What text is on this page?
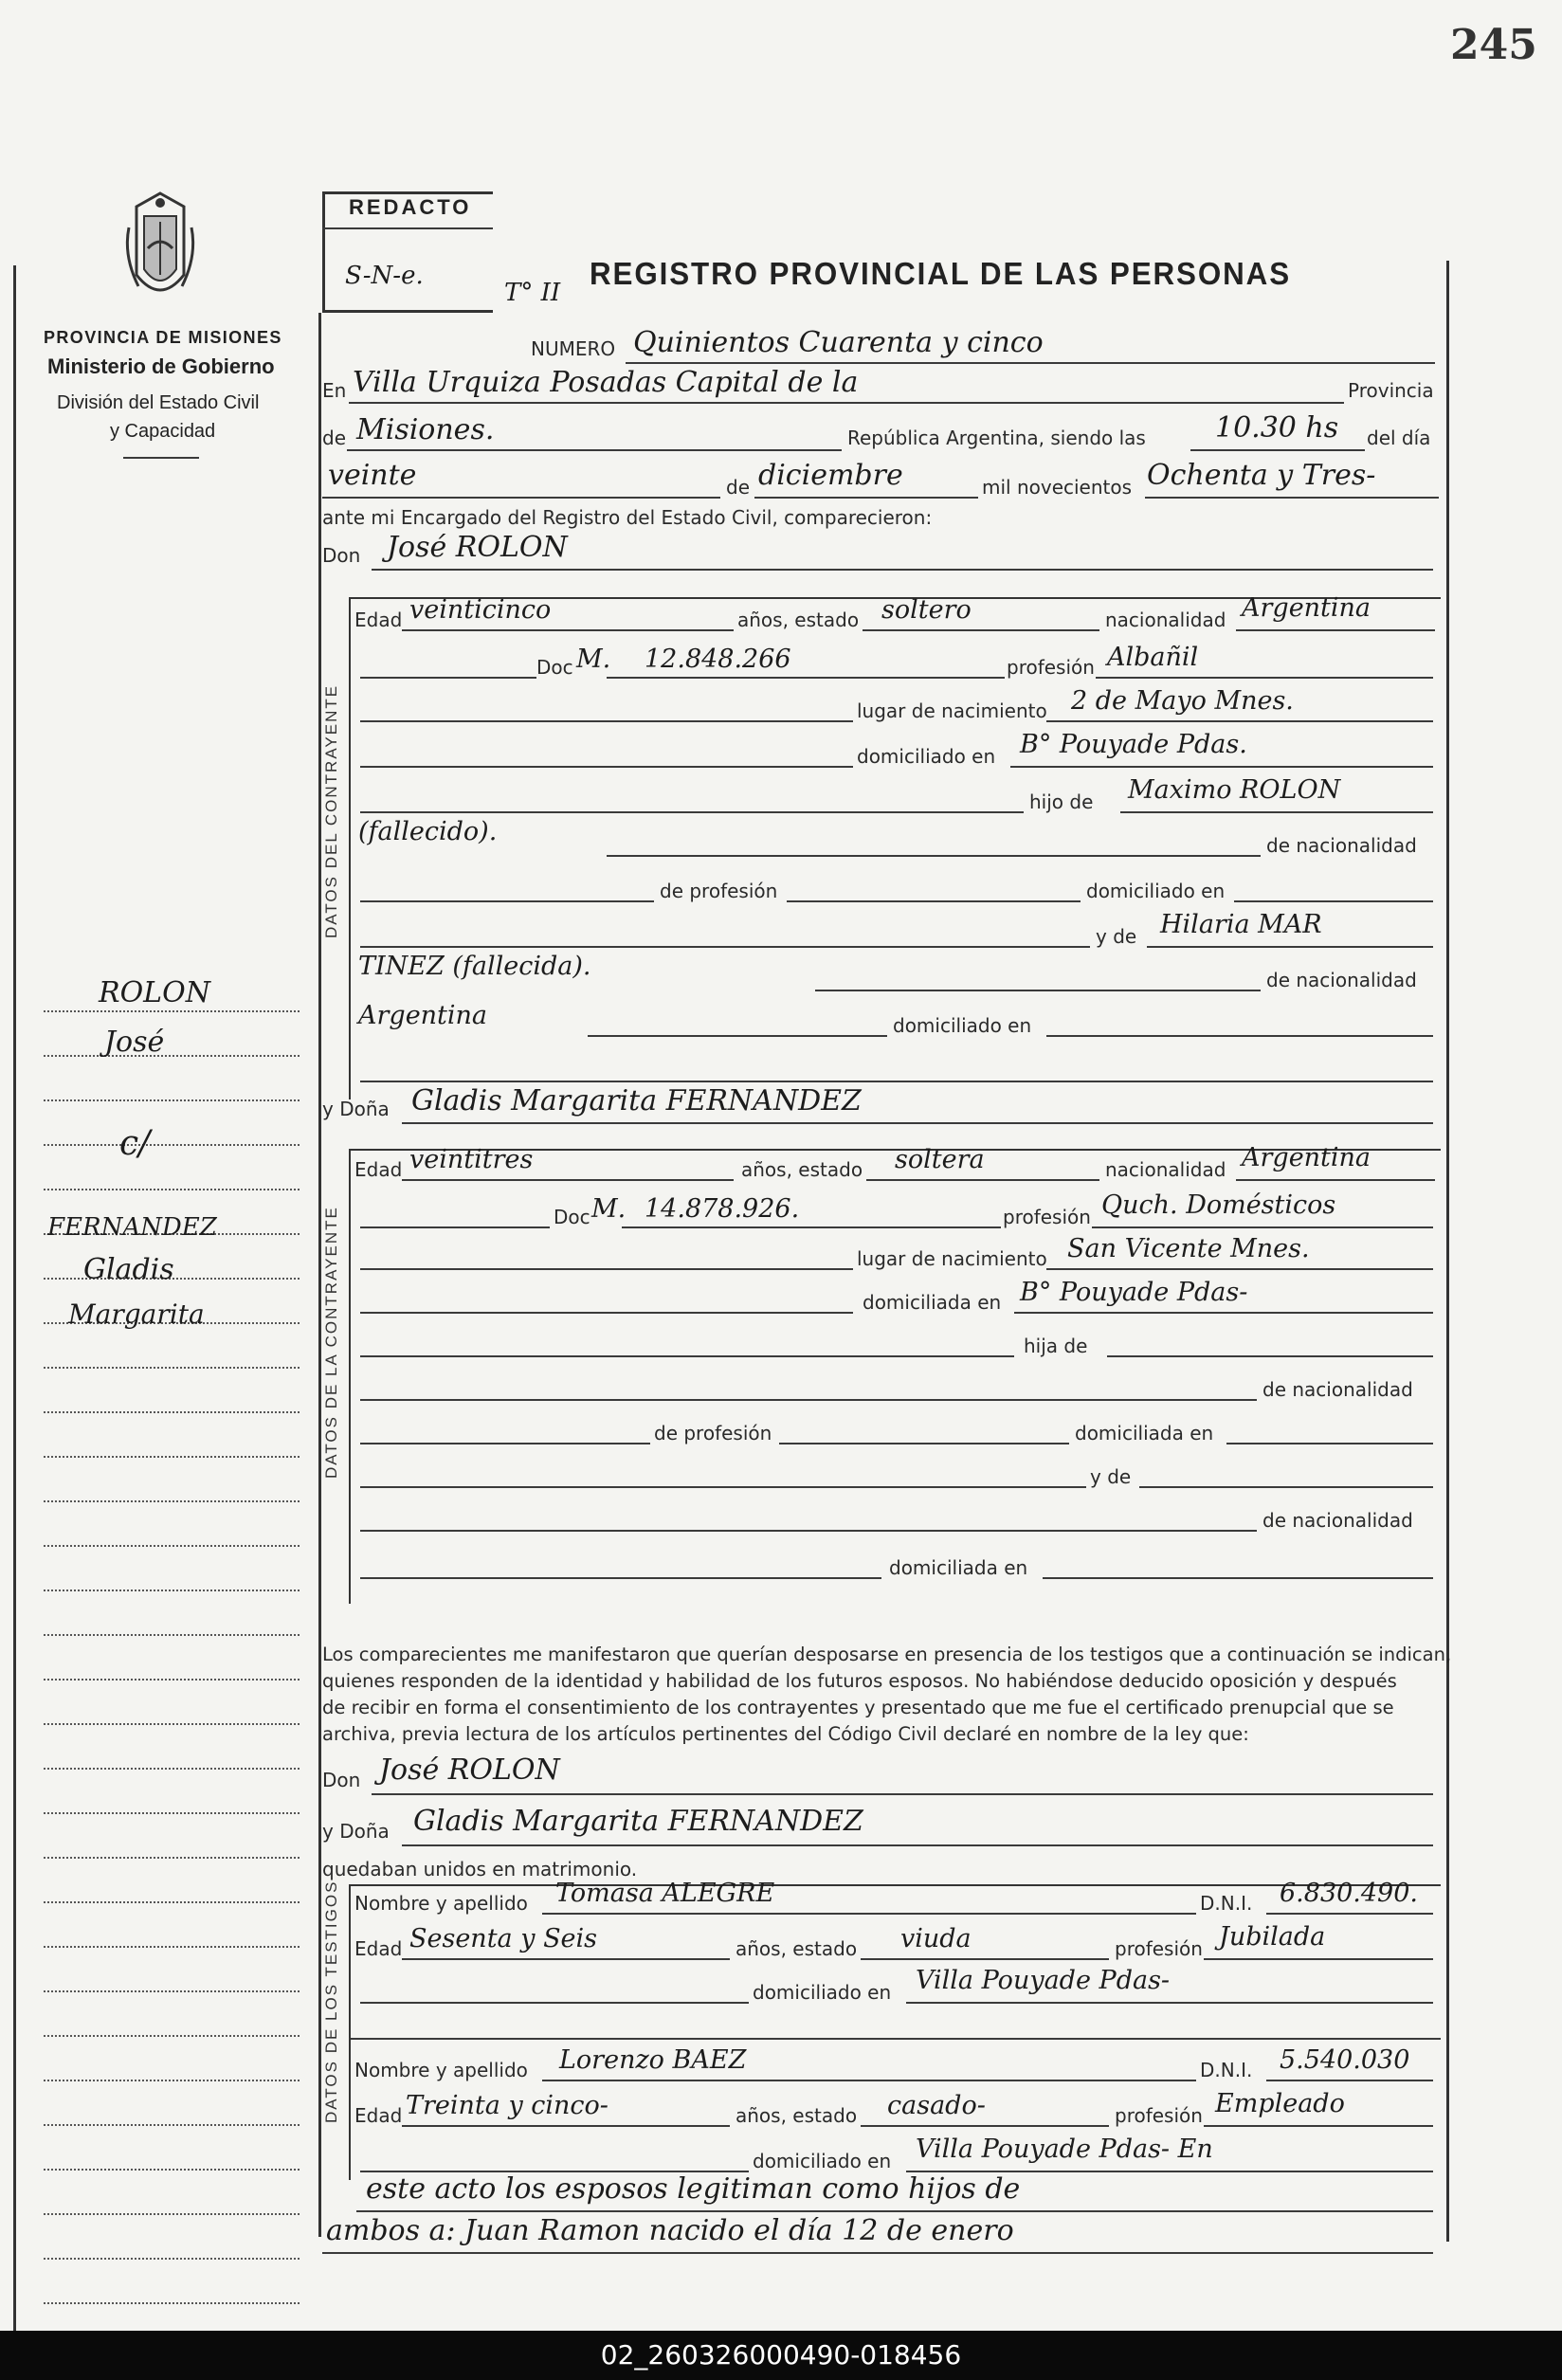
245
PROVINCIA DE MISIONES
Ministerio de Gobierno
División del Estado Civil
y Capacidad
REDACTO
S-N-e.
T° II
REGISTRO PROVINCIAL DE LAS PERSONAS
NUMERO Quinientos Cuarenta y cinco
En Villa Urquiza Posadas Capital de la	Provincia
de Misiones.	República Argentina, siendo las 10.30 hs del día
veinte	de diciembre	mil novecientos Ochenta y Tres-
ante mi Encargado del Registro del Estado Civil, comparecieron:
Don José ROLON
DATOS DEL CONTRAYENTE
Edad veinticinco	años, estado soltero	nacionalidad Argentina
Doc M. 12.848.266	profesión Albañil
lugar de nacimiento 2 de Mayo Mnes.
domiciliado en B° Pouyade Pdas.
hijo de Maximo ROLON
(fallecido).	de nacionalidad
de profesión	domiciliado en
y de Hilaria MAR
TINEZ (fallecida).	de nacionalidad
Argentina	domiciliado en
y Doña Gladis Margarita FERNANDEZ
DATOS DE LA CONTRAYENTE
Edad veintitres	años, estado soltera	nacionalidad Argentina
Doc M. 14.878.926.	profesión Quch. Domésticos
lugar de nacimiento San Vicente Mnes.
domiciliada en B° Pouyade Pdas-
hija de
de nacionalidad
de profesión	domiciliada en
y de
de nacionalidad
domiciliada en
Los comparecientes me manifestaron que querían desposarse en presencia de los testigos que a continuación se indican,
quienes responden de la identidad y habilidad de los futuros esposos. No habiéndose deducido oposición y después
de recibir en forma el consentimiento de los contrayentes y presentado que me fue el certificado prenupcial que se
archiva, previa lectura de los artículos pertinentes del Código Civil declaré en nombre de la ley que:
Don José ROLON
y Doña Gladis Margarita FERNANDEZ
quedaban unidos en matrimonio.
DATOS DE LOS TESTIGOS Nombre y apellido Tomasa ALEGRE	D.N.I. 6.830.490.
Edad Sesenta y Seis	años, estado viuda	profesión Jubilada
domiciliado en Villa Pouyade Pdas-
Nombre y apellido Lorenzo BAEZ	D.N.I. 5.540.030
Edad Treinta y cinco-	años, estado casado-	profesión Empleado
domiciliado en Villa Pouyade Pdas- En
este acto los esposos legitiman como hijos de
ambos a: Juan Ramon nacido el día 12 de enero
ROLON
José
c/
FERNANDEZ
Gladis
Margarita
02_260326000490-018456
